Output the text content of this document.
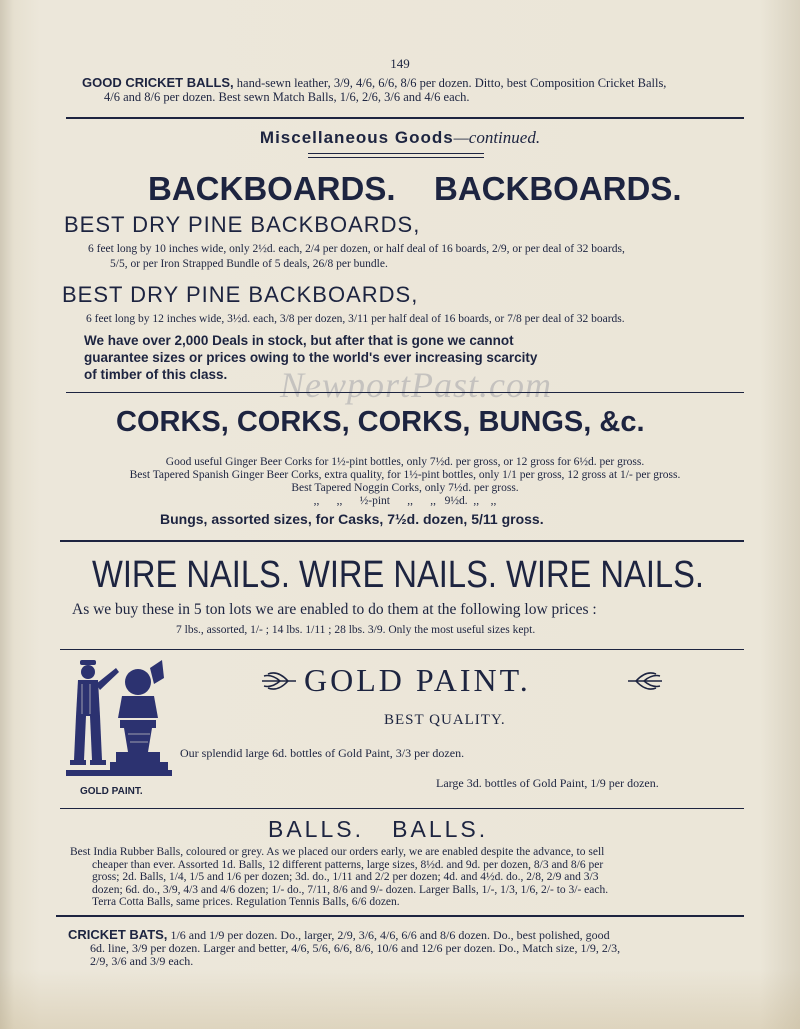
149
GOOD CRICKET BALLS, hand-sewn leather, 3/9, 4/6, 6/6, 8/6 per dozen. Ditto, best Composition Cricket Balls,
4/6 and 8/6 per dozen. Best sewn Match Balls, 1/6, 2/6, 3/6 and 4/6 each.
Miscellaneous Goods—continued.
BACKBOARDS. BACKBOARDS.
BEST DRY PINE BACKBOARDS,
6 feet long by 10 inches wide, only 2½d. each, 2/4 per dozen, or half deal of 16 boards, 2/9, or per deal of 32 boards,
5/5, or per Iron Strapped Bundle of 5 deals, 26/8 per bundle.
BEST DRY PINE BACKBOARDS,
6 feet long by 12 inches wide, 3½d. each, 3/8 per dozen, 3/11 per half deal of 16 boards, or 7/8 per deal of 32 boards.
We have over 2,000 Deals in stock, but after that is gone we cannot
guarantee sizes or prices owing to the world's ever increasing scarcity
of timber of this class.	NewportPast.com
CORKS, CORKS, CORKS, BUNGS, &c.
Good useful Ginger Beer Corks for 1½-pint bottles, only 7½d. per gross, or 12 gross for 6½d. per gross.
Best Tapered Spanish Ginger Beer Corks, extra quality, for 1½-pint bottles, only 1/1 per gross, 12 gross at 1/- per gross.
Best Tapered Noggin Corks, only 7½d. per gross.
,,      ,,      ½-pint      ,,      ,,   9½d.  ,,    ,,
Bungs, assorted sizes, for Casks, 7½d. dozen, 5/11 gross.
WIRE NAILS. WIRE NAILS. WIRE NAILS.
As we buy these in 5 ton lots we are enabled to do them at the following low prices :
7 lbs., assorted, 1/- ; 14 lbs. 1/11 ; 28 lbs. 3/9. Only the most useful sizes kept.
GOLD PAINT.
GOLD PAINT.
BEST QUALITY.
Our splendid large 6d. bottles of Gold Paint, 3/3 per dozen.
Large 3d. bottles of Gold Paint, 1/9 per dozen.
BALLS.   BALLS.
Best India Rubber Balls, coloured or grey. As we placed our orders early, we are enabled despite the advance, to sell
cheaper than ever. Assorted 1d. Balls, 12 different patterns, large sizes, 8½d. and 9d. per dozen, 8/3 and 8/6 per
gross; 2d. Balls, 1/4, 1/5 and 1/6 per dozen; 3d. do., 1/11 and 2/2 per dozen; 4d. and 4½d. do., 2/8, 2/9 and 3/3
dozen; 6d. do., 3/9, 4/3 and 4/6 dozen; 1/- do., 7/11, 8/6 and 9/- dozen. Larger Balls, 1/-, 1/3, 1/6, 2/- to 3/- each.
Terra Cotta Balls, same prices. Regulation Tennis Balls, 6/6 dozen.
CRICKET BATS, 1/6 and 1/9 per dozen. Do., larger, 2/9, 3/6, 4/6, 6/6 and 8/6 dozen. Do., best polished, good
6d. line, 3/9 per dozen. Larger and better, 4/6, 5/6, 6/6, 8/6, 10/6 and 12/6 per dozen. Do., Match size, 1/9, 2/3,
2/9, 3/6 and 3/9 each.
